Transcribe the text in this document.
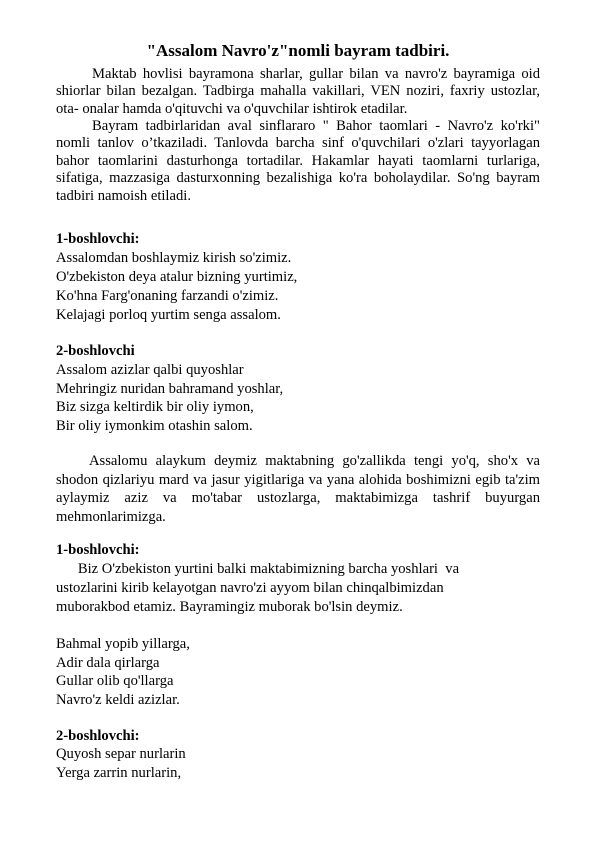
"Assalom Navro'z"nomli bayram tadbiri.
Maktab hovlisi bayramona sharlar, gullar bilan va navro'z bayramiga oid shiorlar bilan bezalgan. Tadbirga mahalla vakillari, VEN noziri, faxriy ustozlar, ota- onalar hamda o'qituvchi va o'quvchilar ishtirok etadilar.
Bayram tadbirlaridan aval sinflararo " Bahor taomlari - Navro'z ko'rki" nomli tanlov o’tkaziladi. Tanlovda barcha sinf o'quvchilari o'zlari tayyorlagan bahor taomlarini dasturhonga tortadilar. Hakamlar hayati taomlarni turlariga, sifatiga, mazzasiga dasturxonning bezalishiga ko'ra boholaydilar. So'ng bayram tadbiri namoish etiladi.
1-boshlovchi:
Assalomdan boshlaymiz kirish so'zimiz.
O'zbekiston deya atalur bizning yurtimiz,
Ko'hna Farg'onaning farzandi o'zimiz.
Kelajagi porloq yurtim senga assalom.
2-boshlovchi
Assalom azizlar qalbi quyoshlar
Mehringiz nuridan bahramand yoshlar,
Biz sizga keltirdik bir oliy iymon,
Bir oliy iymonkim otashin salom.
Assalomu alaykum deymiz maktabning go'zallikda tengi yo'q, sho'x va shodon qizlariyu mard va jasur yigitlariga va yana alohida boshimizni egib ta'zim aylaymiz aziz va mo'tabar ustozlarga, maktabimizga tashrif buyurgan mehmonlarimizga.
1-boshlovchi:
Biz O'zbekiston yurtini balki maktabimizning barcha yoshlari  va
ustozlarini kirib kelayotgan navro'zi ayyom bilan chinqalbimizdan
muborakbod etamiz. Bayramingiz muborak bo'lsin deymiz.
Bahmal yopib yillarga,
Adir dala qirlarga
Gullar olib qo'llarga
Navro'z keldi azizlar.
2-boshlovchi:
Quyosh separ nurlarin
Yerga zarrin nurlarin,
